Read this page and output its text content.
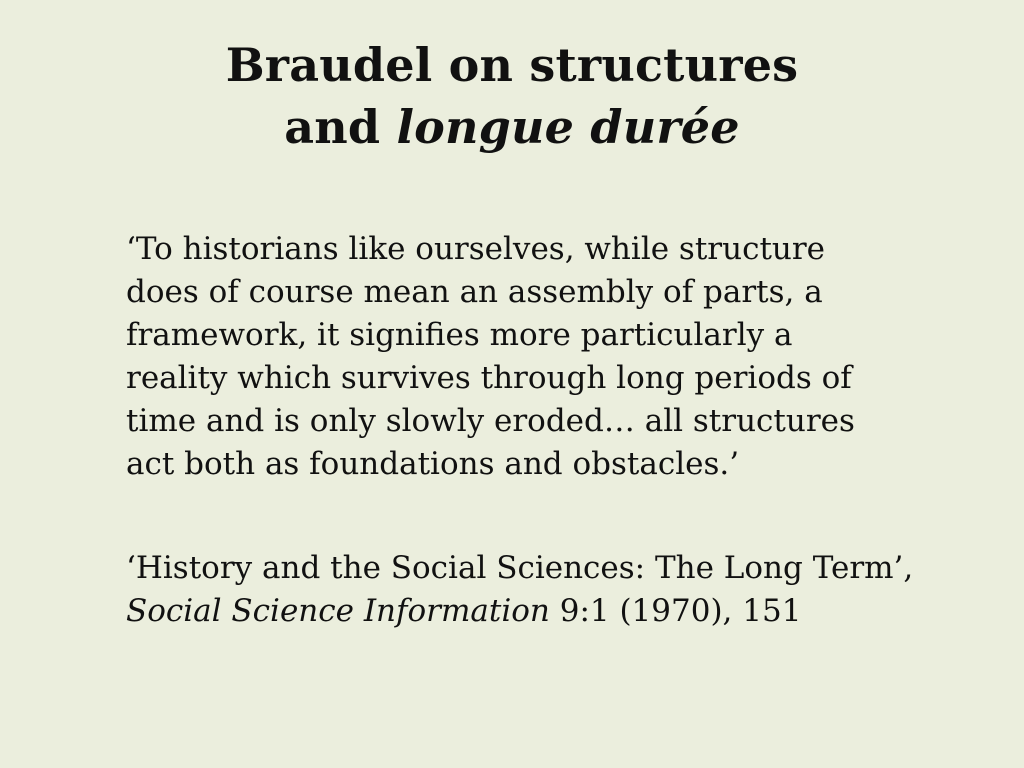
Braudel on structures
and longue durée
‘To historians like ourselves, while structure
does of course mean an assembly of parts, a
framework, it signifies more particularly a
reality which survives through long periods of
time and is only slowly eroded… all structures
act both as foundations and obstacles.’
‘History and the Social Sciences: The Long Term’,
Social Science Information 9:1 (1970), 151
